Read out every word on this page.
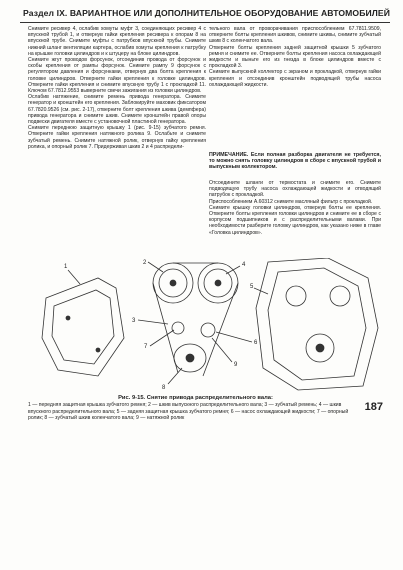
Раздел IX. ВАРИАНТНОЕ ИЛИ ДОПОЛНИТЕЛЬНОЕ ОБОРУДОВАНИЕ АВТОМОБИЛЕЙ

Снимите ресивер 4, ослабив хомуты муфт 3, соединяющих ресивер 4 с впускной трубой 1, и отвернув гайки крепления ресивера к опорам 8 на впускной трубе. Снимите муфты с патрубков впускной трубы. Снимите нижний шланг вентиляции картера, ослабив хомуты крепления к патрубку на крышке головки цилиндров и к штуцеру на блоке цилиндров.

Снимите жгут проводов форсунок, отсоединив провода от форсунок и скобы крепления от рампы форсунок. Снимите рампу 9 форсунок с регулятором давления и форсунками, отвернув два болта крепления к головке цилиндров. Отверните гайки крепления к головке цилиндров. Отверните гайки крепления и снимите впускную трубу 1 с прокладкой 11. Ключом 67.7812.9553 выверните свечи зажигания из головки цилиндров.

Ослабив натяжение, снимите ремень привода генератора. Снимите генератор и кронштейн его крепления. Заблокируйте маховик фиксатором 67.7820.9526 (см. рис. 2-17), отверните болт крепления шкива (демпфера) привода генератора и снимите шкив. Снимите кронштейн правой опоры подвески двигателя вместе с установочной пластиной генератора.

Снимите переднюю защитную крышку 1 (рис. 9-15) зубчатого ремня. Отверните гайки крепления натяжного ролика 9. Ослабьте и снимите зубчатый ремень. Снимите натяжной ролик, отвернув гайку крепления ролика, и опорный ролик 7. Придерживая шкив 2 и 4 распредели-

тельного вала от проворачивания приспособлением 67.7811.9509, отверните болты крепления шкивов, снимите шкивы, снимите зубчатый шкив 8 с коленчатого вала.

Отверните болты крепления задней защитной крышки 5 зубчатого ремня и снимите ее. Отверните болты крепления насоса охлаждающей жидкости и выньте его из гнезда в блоке цилиндров вместе с прокладкой 3.

Снимите выпускной коллектор с экраном и прокладкой, отвернув гайки крепления и отсоединив кронштейн подводящей трубы насоса охлаждающей жидкости.

ПРИМЕЧАНИЕ. Если полная разборка двигателя не требуется, то можно снять головку цилиндров в сборе с впускной трубой и выпускным коллектором.

Отсоедините шланги от термостата и снимите его. Снимите подводящую трубу насоса охлаждающей жидкости и отводящий патрубок с прокладкой.

Приспособлением А.60312 снимите масляный фильтр с прокладкой.

Снимите крышку головки цилиндров, отвернув болты ее крепления. Отверните болты крепления головки цилиндров и снимите ее в сборе с корпусом подшипников и с распределительными валами. При необходимости разберите головку цилиндров, как указано ниже в главе «Головка цилиндров».

1
2
3
4
5
6
7
8
9
Рис. 9-15. Снятие привода распределительного вала:
1 — передняя защитная крышка зубчатого ремня; 2 — шкив выпускного распределительного вала; 3 — зубчатый ремень; 4 — шкив впускного распределительного вала; 5 — задняя защитная крышка зубчатого ремня; 6 — насос охлаждающей жидкости; 7 — опорный ролик; 8 — зубчатый шкив коленчатого вала; 9 — натяжной ролик
187
